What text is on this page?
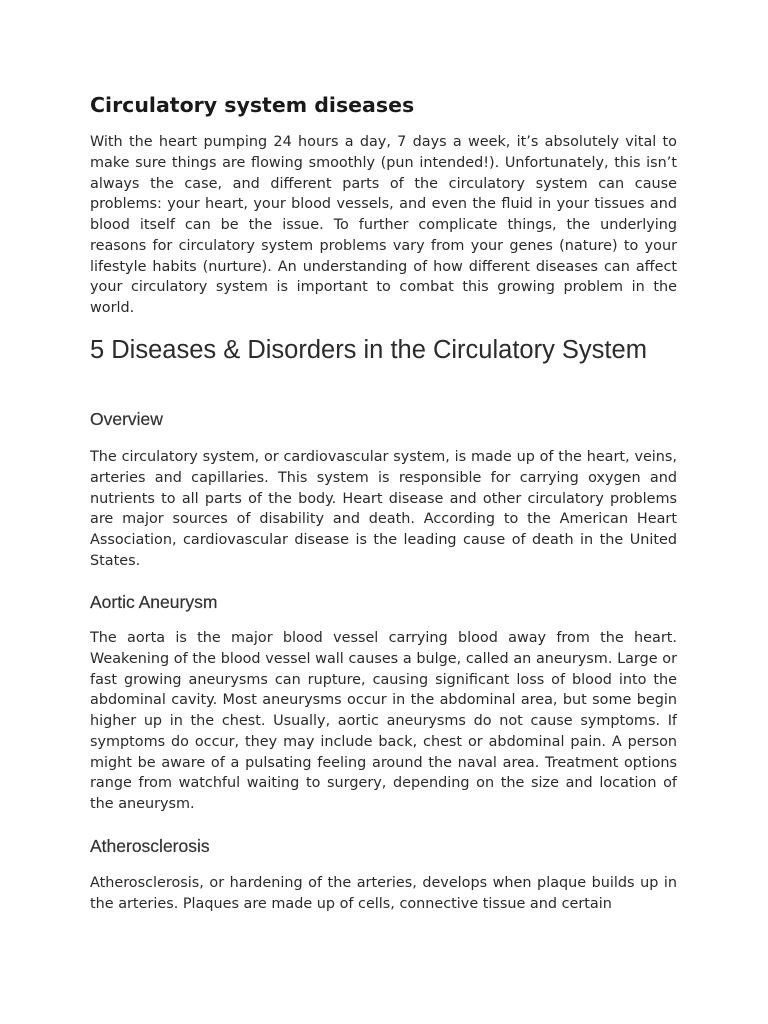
Circulatory system diseases

With the heart pumping 24 hours a day, 7 days a week, it’s absolutely vital to make sure things are flowing smoothly (pun intended!). Unfortunately, this isn’t always the case, and different parts of the circulatory system can cause problems: your heart, your blood vessels, and even the fluid in your tissues and blood itself can be the issue. To further complicate things, the underlying reasons for circulatory system problems vary from your genes (nature) to your lifestyle habits (nurture). An understanding of how different diseases can affect your circulatory system is important to combat this growing problem in the world.

5 Diseases & Disorders in the Circulatory System
Overview

The circulatory system, or cardiovascular system, is made up of the heart, veins, arteries and capillaries. This system is responsible for carrying oxygen and nutrients to all parts of the body. Heart disease and other circulatory problems are major sources of disability and death. According to the American Heart Association, cardiovascular disease is the leading cause of death in the United States.

Aortic Aneurysm

The aorta is the major blood vessel carrying blood away from the heart. Weakening of the blood vessel wall causes a bulge, called an aneurysm. Large or fast growing aneurysms can rupture, causing significant loss of blood into the abdominal cavity. Most aneurysms occur in the abdominal area, but some begin higher up in the chest. Usually, aortic aneurysms do not cause symptoms. If symptoms do occur, they may include back, chest or abdominal pain. A person might be aware of a pulsating feeling around the naval area. Treatment options range from watchful waiting to surgery, depending on the size and location of the aneurysm.

Atherosclerosis

Atherosclerosis, or hardening of the arteries, develops when plaque builds up in the arteries. Plaques are made up of cells, connective tissue and certain
